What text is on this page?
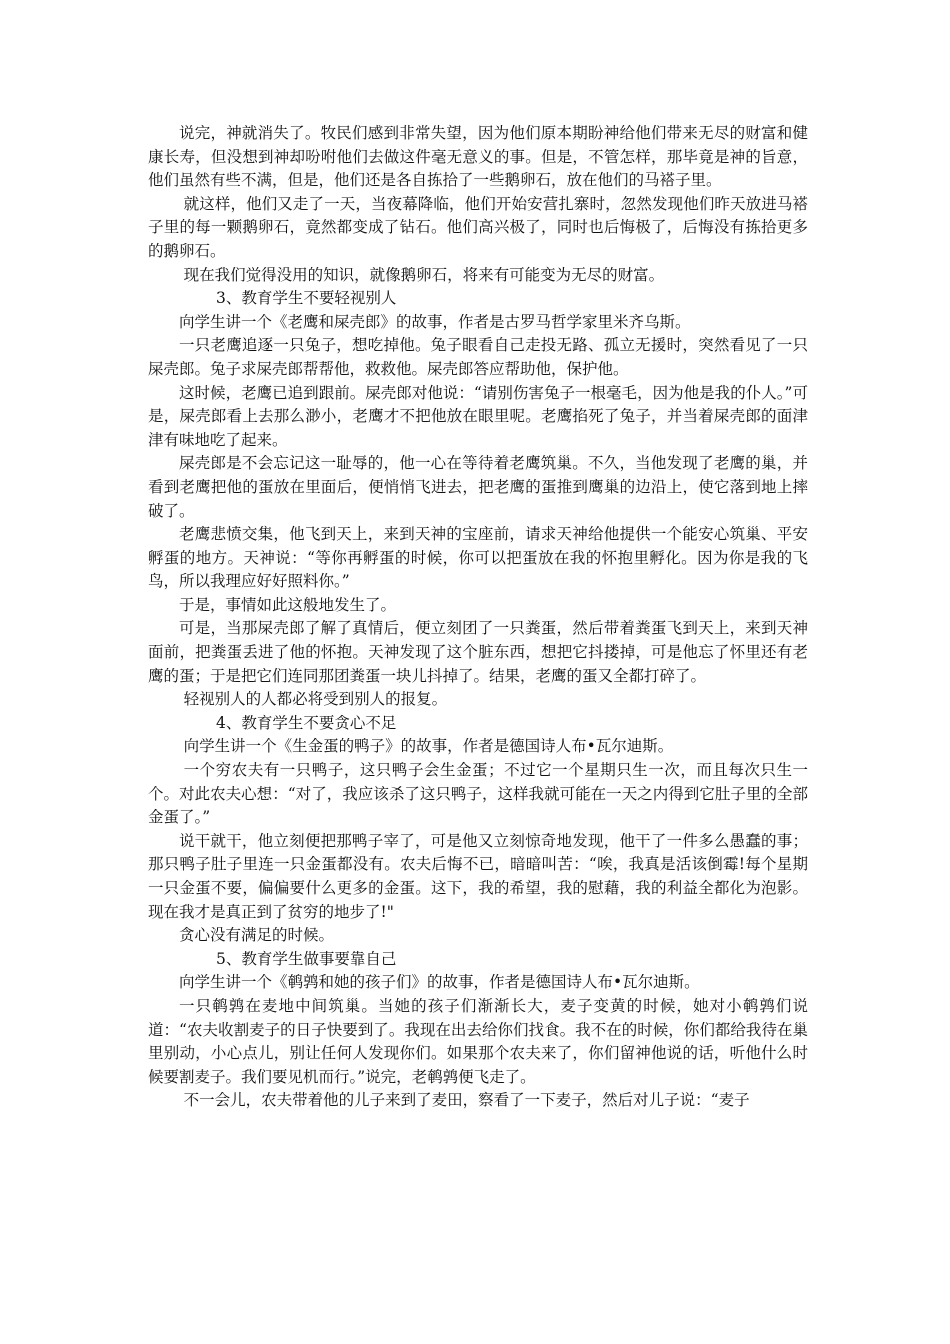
说完，神就消失了。牧民们感到非常失望，因为他们原本期盼神给他们带来无尽的财富和健康长寿，但没想到神却吩咐他们去做这件毫无意义的事。但是，不管怎样，那毕竟是神的旨意，他们虽然有些不满，但是，他们还是各自拣拾了一些鹅卵石，放在他们的马褡子里。

就这样，他们又走了一天，当夜幕降临，他们开始安营扎寨时，忽然发现他们昨天放进马褡子里的每一颗鹅卵石，竟然都变成了钻石。他们高兴极了，同时也后悔极了，后悔没有拣拾更多的鹅卵石。

现在我们觉得没用的知识，就像鹅卵石，将来有可能变为无尽的财富。

3、教育学生不要轻视别人

向学生讲一个《老鹰和屎壳郎》的故事，作者是古罗马哲学家里米齐乌斯。

一只老鹰追逐一只兔子，想吃掉他。兔子眼看自己走投无路、孤立无援时，突然看见了一只屎壳郎。兔子求屎壳郎帮帮他，救救他。屎壳郎答应帮助他，保护他。

这时候，老鹰已追到跟前。屎壳郎对他说：“请别伤害兔子一根毫毛，因为他是我的仆人。”可是，屎壳郎看上去那么渺小，老鹰才不把他放在眼里呢。老鹰掐死了兔子，并当着屎壳郎的面津津有味地吃了起来。

屎壳郎是不会忘记这一耻辱的，他一心在等待着老鹰筑巢。不久，当他发现了老鹰的巢，并看到老鹰把他的蛋放在里面后，便悄悄飞进去，把老鹰的蛋推到鹰巢的边沿上，使它落到地上摔破了。

老鹰悲愤交集，他飞到天上，来到天神的宝座前，请求天神给他提供一个能安心筑巢、平安孵蛋的地方。天神说：“等你再孵蛋的时候，你可以把蛋放在我的怀抱里孵化。因为你是我的飞鸟，所以我理应好好照料你。”

于是，事情如此这般地发生了。

可是，当那屎壳郎了解了真情后，便立刻团了一只粪蛋，然后带着粪蛋飞到天上，来到天神面前，把粪蛋丢进了他的怀抱。天神发现了这个脏东西，想把它抖搂掉，可是他忘了怀里还有老鹰的蛋；于是把它们连同那团粪蛋一块儿抖掉了。结果，老鹰的蛋又全都打碎了。

轻视别人的人都必将受到别人的报复。

4、教育学生不要贪心不足

向学生讲一个《生金蛋的鸭子》的故事，作者是德国诗人布•瓦尔迪斯。

一个穷农夫有一只鸭子，这只鸭子会生金蛋；不过它一个星期只生一次，而且每次只生一个。对此农夫心想：“对了，我应该杀了这只鸭子，这样我就可能在一天之内得到它肚子里的全部金蛋了。”

说干就干，他立刻便把那鸭子宰了，可是他又立刻惊奇地发现，他干了一件多么愚蠢的事；那只鸭子肚子里连一只金蛋都没有。农夫后悔不已，暗暗叫苦：“唉，我真是活该倒霉!每个星期一只金蛋不要，偏偏要什么更多的金蛋。这下，我的希望，我的慰藉，我的利益全都化为泡影。现在我才是真正到了贫穷的地步了!"

贪心没有满足的时候。

5、教育学生做事要靠自己

向学生讲一个《鹌鹑和她的孩子们》的故事，作者是德国诗人布•瓦尔迪斯。

一只鹌鹑在麦地中间筑巢。当她的孩子们渐渐长大，麦子变黄的时候，她对小鹌鹑们说道：“农夫收割麦子的日子快要到了。我现在出去给你们找食。我不在的时候，你们都给我待在巢里别动，小心点儿，别让任何人发现你们。如果那个农夫来了，你们留神他说的话，听他什么时候要割麦子。我们要见机而行。”说完，老鹌鹑便飞走了。

不一会儿，农夫带着他的儿子来到了麦田，察看了一下麦子，然后对儿子说：“麦子
